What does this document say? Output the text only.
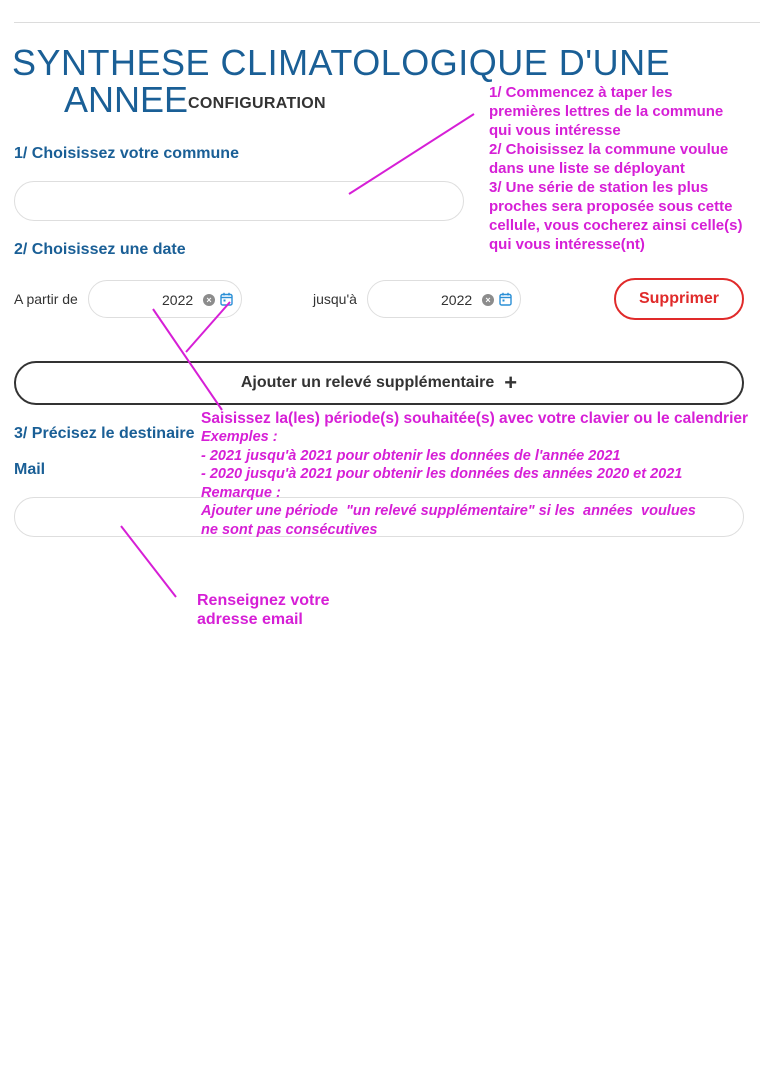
SYNTHESE CLIMATOLOGIQUE D'UNE
ANNEE CONFIGURATION
1/ Choisissez votre commune
2/ Choisissez une date
A partir de	2022	×	jusqu'à	2022	×	Supprimer
Ajouter un relevé supplémentaire +
3/ Précisez le destinaire
Mail
1/ Commencez à taper les
premières lettres de la commune
qui vous intéresse
2/ Choisissez la commune voulue
dans une liste se déployant
3/ Une série de station les plus
proches sera proposée sous cette
cellule, vous cocherez ainsi celle(s)
qui vous intéresse(nt)
Saisissez la(les) période(s) souhaitée(s) avec votre clavier ou le calendrier
Exemples :
- 2021 jusqu'à 2021 pour obtenir les données de l'année 2021
- 2020 jusqu'à 2021 pour obtenir les données des années 2020 et 2021
Remarque :
Ajouter une période  "un relevé supplémentaire" si les  années  voulues
ne sont pas consécutives
Renseignez votre
adresse email
